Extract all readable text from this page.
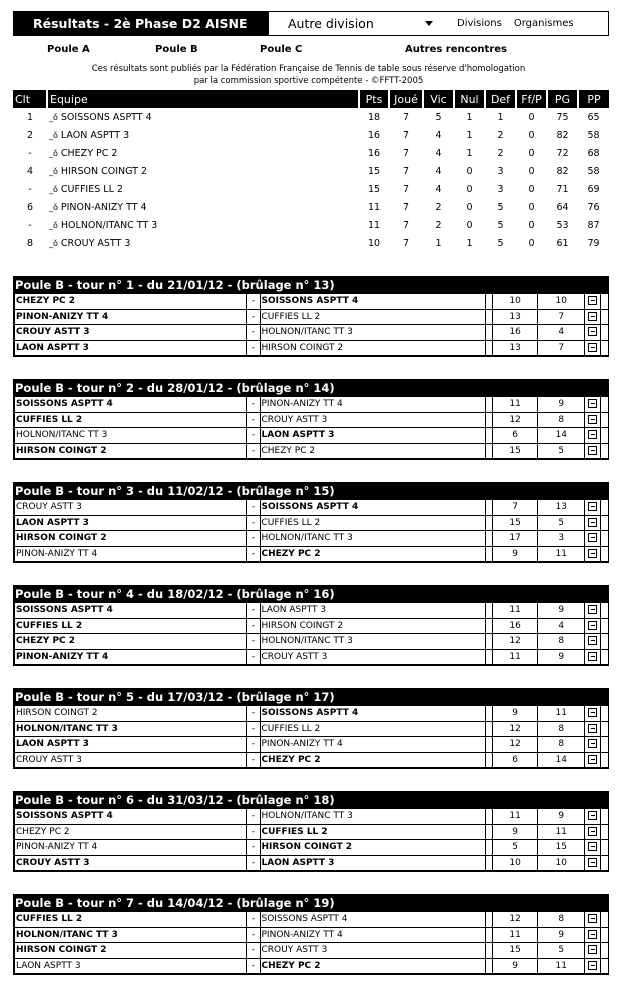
Résultats - 2è Phase D2 AISNE	Autre division	Divisions Organismes
Poule A	Poule B	Poule C	Autres rencontres
Ces résultats sont publiés par la Fédération Française de Tennis de table sous réserve d'homologation
par la commission sportive compétente - ©FFTT-2005
Clt	Equipe	Pts	Joué	Vic	Nul	Def	Ff/P	PG	PP
1	_ǒ SOISSONS ASPTT 4	18	7	5	1	1	0	75	65
2	_ǒ LAON ASPTT 3	16	7	4	1	2	0	82	58
-	_ǒ CHEZY PC 2	16	7	4	1	2	0	72	68
4	_ǒ HIRSON COINGT 2	15	7	4	0	3	0	82	58
-	_ǒ CUFFIES LL 2	15	7	4	0	3	0	71	69
6	_ǒ PINON-ANIZY TT 4	11	7	2	0	5	0	64	76
-	_ǒ HOLNON/ITANC TT 3	11	7	2	0	5	0	53	87
8	_ǒ CROUY ASTT 3	10	7	1	1	5	0	61	79
Poule B - tour n° 1 - du 21/01/12 - (brûlage n° 13)
CHEZY PC 2	-	SOISSONS ASPTT 4		10	10		
PINON-ANIZY TT 4	-	CUFFIES LL 2		13	7		
CROUY ASTT 3	-	HOLNON/ITANC TT 3		16	4		
LAON ASPTT 3	-	HIRSON COINGT 2		13	7		
Poule B - tour n° 2 - du 28/01/12 - (brûlage n° 14)
SOISSONS ASPTT 4	-	PINON-ANIZY TT 4		11	9		
CUFFIES LL 2	-	CROUY ASTT 3		12	8		
HOLNON/ITANC TT 3	-	LAON ASPTT 3		6	14		
HIRSON COINGT 2	-	CHEZY PC 2		15	5		
Poule B - tour n° 3 - du 11/02/12 - (brûlage n° 15)
CROUY ASTT 3	-	SOISSONS ASPTT 4		7	13		
LAON ASPTT 3	-	CUFFIES LL 2		15	5		
HIRSON COINGT 2	-	HOLNON/ITANC TT 3		17	3		
PINON-ANIZY TT 4	-	CHEZY PC 2		9	11		
Poule B - tour n° 4 - du 18/02/12 - (brûlage n° 16)
SOISSONS ASPTT 4	-	LAON ASPTT 3		11	9		
CUFFIES LL 2	-	HIRSON COINGT 2		16	4		
CHEZY PC 2	-	HOLNON/ITANC TT 3		12	8		
PINON-ANIZY TT 4	-	CROUY ASTT 3		11	9		
Poule B - tour n° 5 - du 17/03/12 - (brûlage n° 17)
HIRSON COINGT 2	-	SOISSONS ASPTT 4		9	11		
HOLNON/ITANC TT 3	-	CUFFIES LL 2		12	8		
LAON ASPTT 3	-	PINON-ANIZY TT 4		12	8		
CROUY ASTT 3	-	CHEZY PC 2		6	14		
Poule B - tour n° 6 - du 31/03/12 - (brûlage n° 18)
SOISSONS ASPTT 4	-	HOLNON/ITANC TT 3		11	9		
CHEZY PC 2	-	CUFFIES LL 2		9	11		
PINON-ANIZY TT 4	-	HIRSON COINGT 2		5	15		
CROUY ASTT 3	-	LAON ASPTT 3		10	10		
Poule B - tour n° 7 - du 14/04/12 - (brûlage n° 19)
CUFFIES LL 2	-	SOISSONS ASPTT 4		12	8		
HOLNON/ITANC TT 3	-	PINON-ANIZY TT 4		11	9		
HIRSON COINGT 2	-	CROUY ASTT 3		15	5		
LAON ASPTT 3	-	CHEZY PC 2		9	11		
